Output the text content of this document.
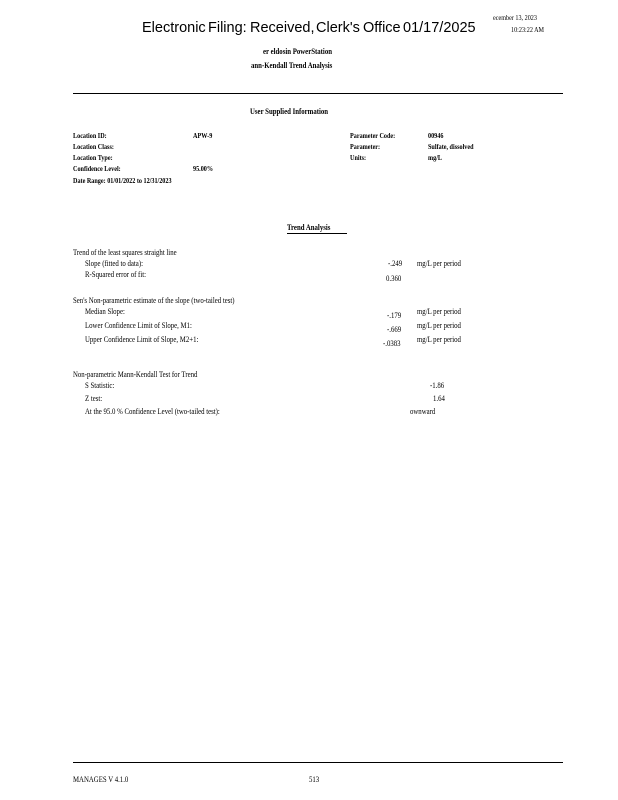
Electronic Filing: Received, Clerk's Office 01/17/2025
ecember 13, 2023
10:23:22 AM
er eldosin PowerStation
ann-Kendall Trend Analysis
User Supplied Information
Location ID:	APW-9
Location Class:
Location Type:
Confidence Level:	95.00%
Date Range: 01/01/2022 to 12/31/2023
Parameter Code:	00946
Parameter:	Sulfate, dissolved
Units:	mg/L
Trend Analysis
Trend of the least squares straight line
Slope (fitted to data):	-.249 mg/L per period
R-Squared error of fit:	0.360
Sen's Non-parametric estimate of the slope (two-tailed test)
Median Slope:	-.179 mg/L per period
Lower Confidence Limit of Slope, M1:	-.669 mg/L per period
Upper Confidence Limit of Slope, M2+1:	-.0383 mg/L per period
Non-parametric Mann-Kendall Test for Trend
S Statistic:	-1.86
Z test:	1.64
At the 95.0 % Confidence Level (two-tailed test):	ownward
MANAGES V 4.1.0	513
